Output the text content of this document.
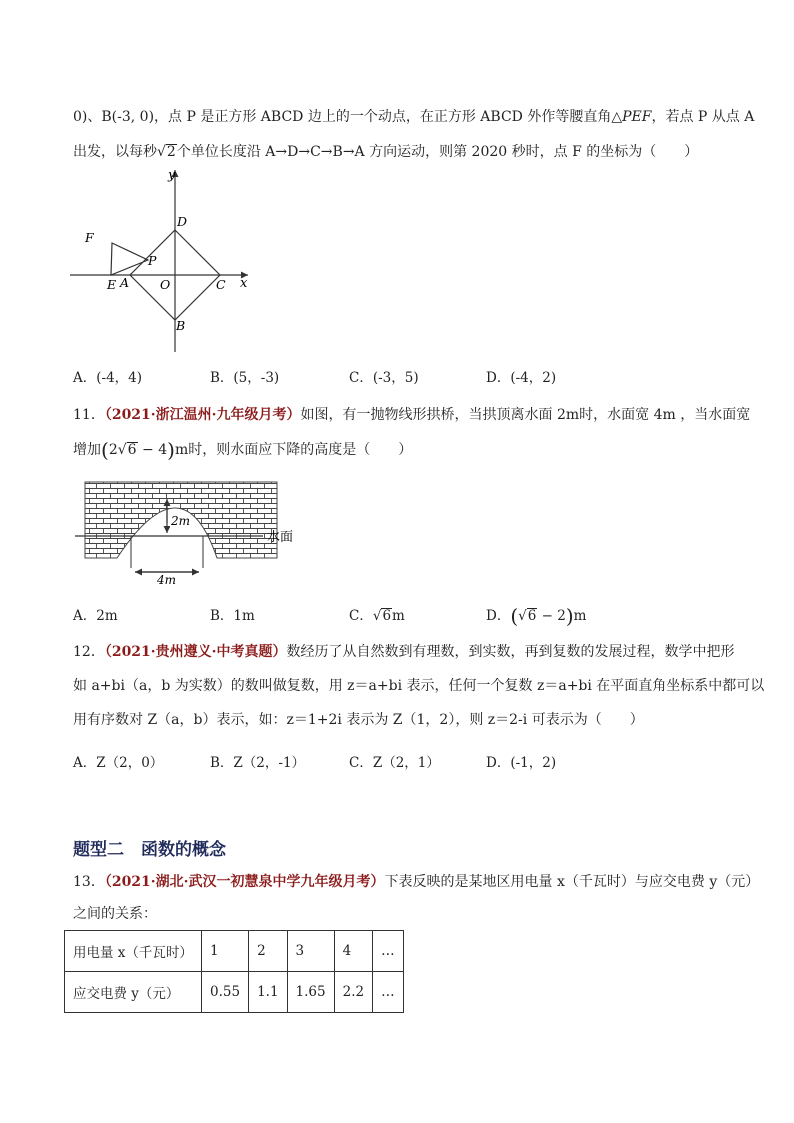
0)、B(-3, 0)，点 P 是正方形 ABCD 边上的一个动点，在正方形 ABCD 外作等腰直角△PEF，若点 P 从点 A
出发，以每秒√2个单位长度沿 A→D→C→B→A 方向运动，则第 2020 秒时，点 F 的坐标为（　　）
y
x
D
F
P
E A O	C
B
A．(-4，4)	B．(5，-3)	C．(-3，5)	D．(-4，2)
11．（2021·浙江温州·九年级月考）如图，有一抛物线形拱桥，当拱顶离水面 2m时，水面宽 4m ，当水面宽
增加(2√6 − 4)m时，则水面应下降的高度是（　　）
2m
4m
水面
A．2m	B．1m	C．√6m	D．(√6 − 2)m
12．（2021·贵州遵义·中考真题）数经历了从自然数到有理数，到实数，再到复数的发展过程，数学中把形
如 a+bi（a，b 为实数）的数叫做复数，用 z＝a+bi 表示，任何一个复数 z＝a+bi 在平面直角坐标系中都可以
用有序数对 Z（a，b）表示，如：z＝1+2i 表示为 Z（1，2），则 z＝2-i 可表示为（　　）
A．Z（2，0）	B．Z（2，-1）	C．Z（2，1）	D．(-1，2)
题型二　函数的概念
13．（2021·湖北·武汉一初慧泉中学九年级月考）下表反映的是某地区用电量 x（千瓦时）与应交电费 y（元）
之间的关系：
用电量 x（千瓦时）	1	2	3	4	…
应交电费 y（元）	0.55	1.1	1.65	2.2	…
